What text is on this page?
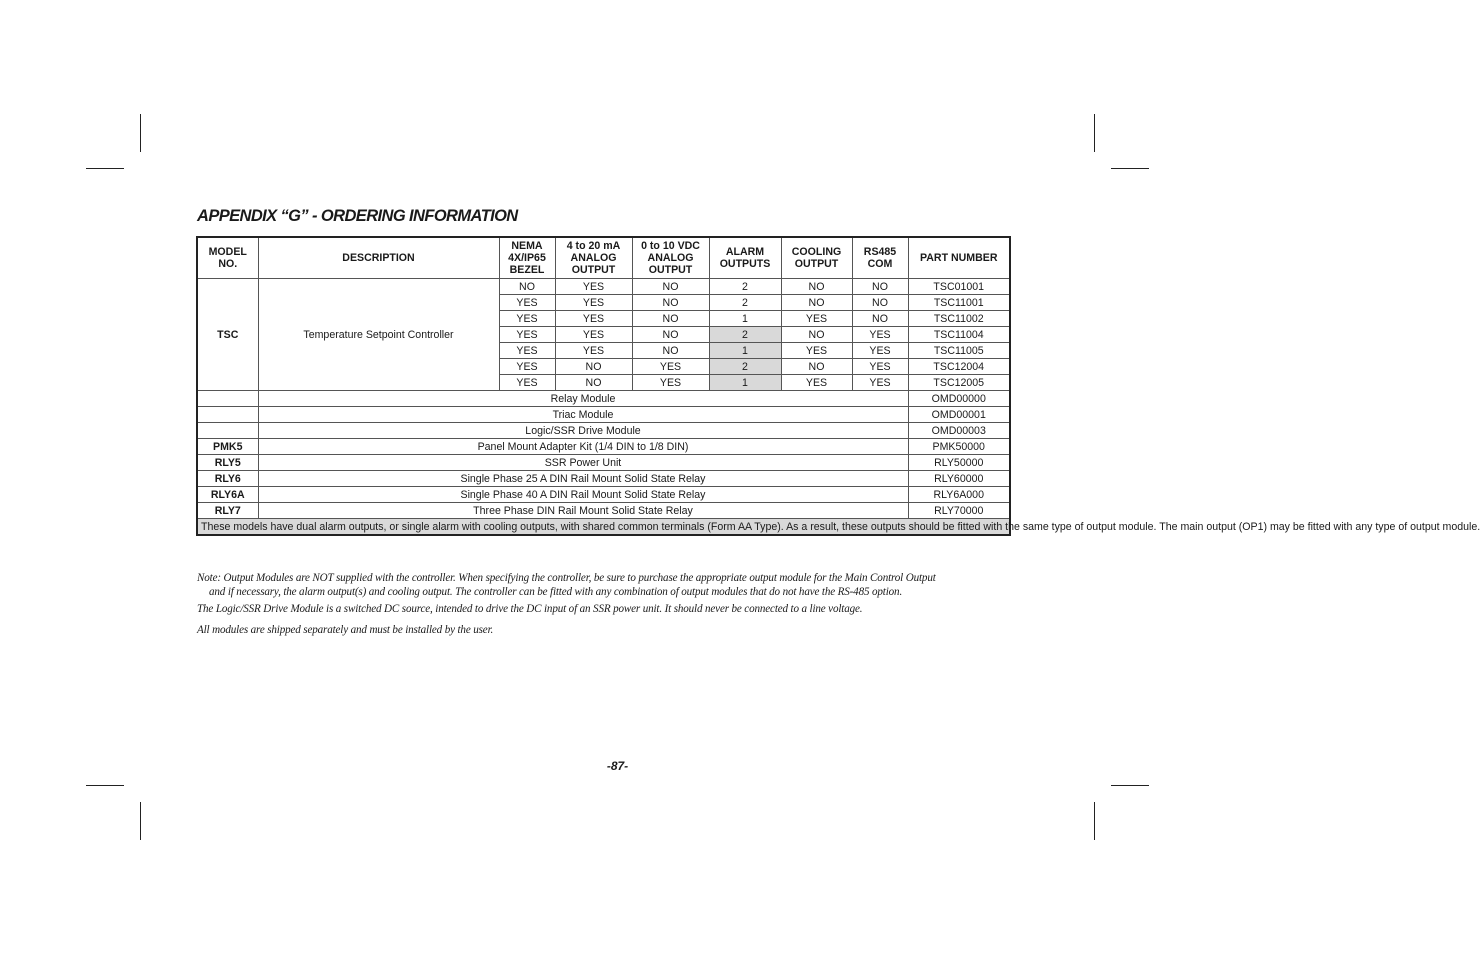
APPENDIX “G” - ORDERING INFORMATION
MODEL NO.	DESCRIPTION	NEMA 4X/IP65 BEZEL	4 to 20 mA ANALOG OUTPUT	0 to 10 VDC ANALOG OUTPUT	ALARM OUTPUTS	COOLING OUTPUT	RS485 COM	PART NUMBER
TSC	Temperature Setpoint Controller	NO	YES	NO	2	NO	NO	TSC01001
		YES	YES	NO	2	NO	NO	TSC11001
		YES	YES	NO	1	YES	NO	TSC11002
		YES	YES	NO	2	NO	YES	TSC11004
		YES	YES	NO	1	YES	YES	TSC11005
		YES	NO	YES	2	NO	YES	TSC12004
		YES	NO	YES	1	YES	YES	TSC12005
	Relay Module							OMD00000
	Triac Module							OMD00001
	Logic/SSR Drive Module							OMD00003
PMK5	Panel Mount Adapter Kit (1/4 DIN to 1/8 DIN)							PMK50000
RLY5	SSR Power Unit							RLY50000
RLY6	Single Phase 25 A DIN Rail Mount Solid State Relay							RLY60000
RLY6A	Single Phase 40 A DIN Rail Mount Solid State Relay							RLY6A000
RLY7	Three Phase DIN Rail Mount Solid State Relay							RLY70000
These models have dual alarm outputs, or single alarm with cooling outputs, with shared common terminals (Form AA Type). As a result, these outputs should be fitted with the same type of output module. The main output (OP1) may be fitted with any type of output module.								

Note: Output Modules are NOT supplied with the controller. When specifying the controller, be sure to purchase the appropriate output module for the Main Control Output

and if necessary, the alarm output(s) and cooling output. The controller can be fitted with any combination of output modules that do not have the RS-485 option.

The Logic/SSR Drive Module is a switched DC source, intended to drive the DC input of an SSR power unit. It should never be connected to a line voltage.

All modules are shipped separately and must be installed by the user.

-87-
